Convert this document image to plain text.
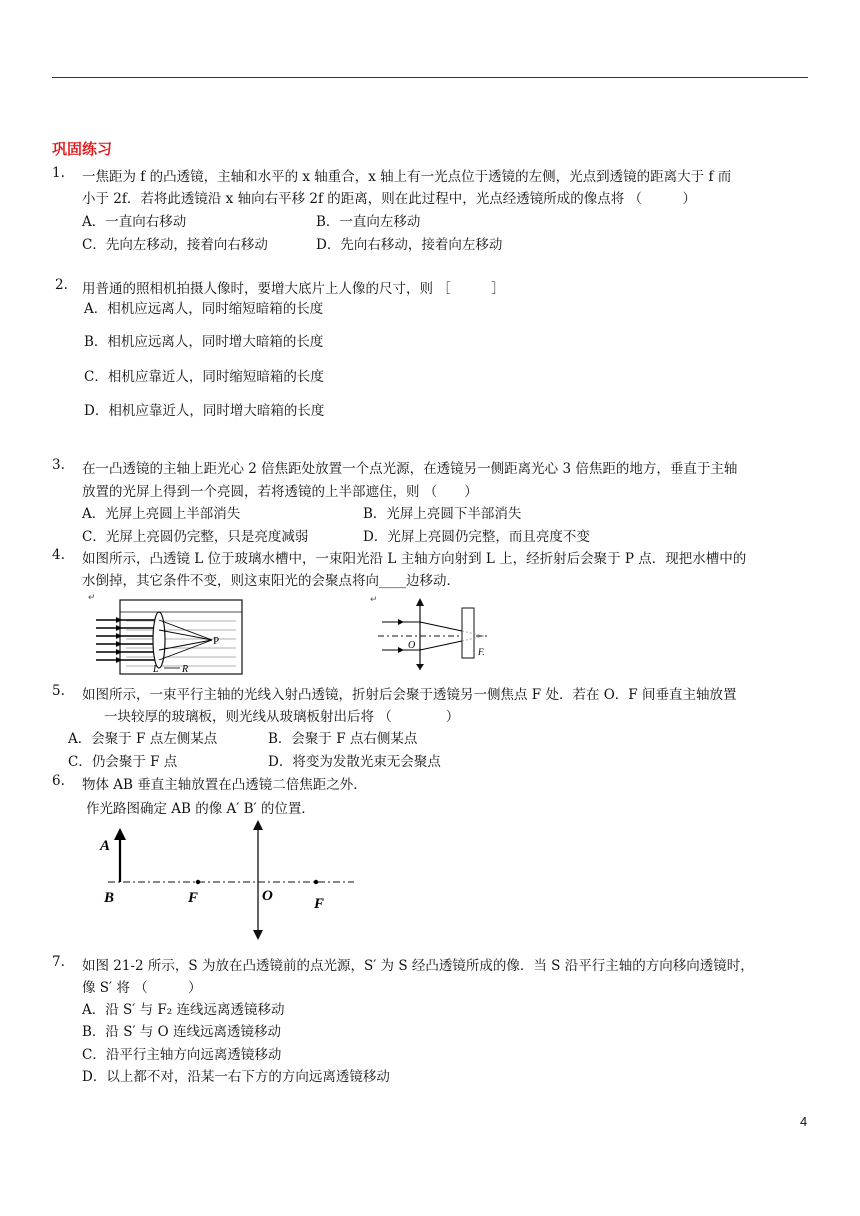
巩固练习
1.	一焦距为 f 的凸透镜，主轴和水平的 x 轴重合，x 轴上有一光点位于透镜的左侧，光点到透镜的距离大于 f 而
小于 2f．若将此透镜沿 x 轴向右平移 2f 的距离，则在此过程中，光点经透镜所成的像点将 （　　　）
A．一直向右移动	B．一直向左移动
C．先向左移动，接着向右移动	D．先向右移动，接着向左移动
2.	用普通的照相机拍摄人像时，要增大底片上人像的尺寸，则 ［　　　］
A．相机应远离人，同时缩短暗箱的长度
B．相机应远离人，同时增大暗箱的长度
C．相机应靠近人，同时缩短暗箱的长度
D．相机应靠近人，同时增大暗箱的长度
3.	在一凸透镜的主轴上距光心 2 倍焦距处放置一个点光源，在透镜另一侧距离光心 3 倍焦距的地方，垂直于主轴
放置的光屏上得到一个亮圆，若将透镜的上半部遮住，则 （　　）
A．光屏上亮圆上半部消失	B．光屏上亮圆下半部消失
C．光屏上亮圆仍完整，只是亮度减弱	D．光屏上亮圆仍完整，而且亮度不变
4.	如图所示，凸透镜 L 位于玻璃水槽中，一束阳光沿 L 主轴方向射到 L 上，经折射后会聚于 P 点．现把水槽中的
水倒掉，其它条件不变，则这束阳光的会聚点将向____边移动．
↵
P
L R
↵
O
F.
5.	如图所示，一束平行主轴的光线入射凸透镜，折射后会聚于透镜另一侧焦点 F 处．若在 O．F 间垂直主轴放置
一块较厚的玻璃板，则光线从玻璃板射出后将 （　　　　）
A．会聚于 F 点左侧某点	B．会聚于 F 点右侧某点
C．仍会聚于 F 点	D．将变为发散光束无会聚点
6.	物体 AB 垂直主轴放置在凸透镜二倍焦距之外．
作光路图确定 AB 的像 A′ B′ 的位置．
A
B	F	O	F
7.	如图 21-2 所示，S 为放在凸透镜前的点光源，S′ 为 S 经凸透镜所成的像．当 S 沿平行主轴的方向移向透镜时，
像 S′ 将 （　　　）
A．沿 S′ 与 F₂ 连线远离透镜移动
B．沿 S′ 与 O 连线远离透镜移动
C．沿平行主轴方向远离透镜移动
D．以上都不对，沿某一右下方的方向远离透镜移动
4
